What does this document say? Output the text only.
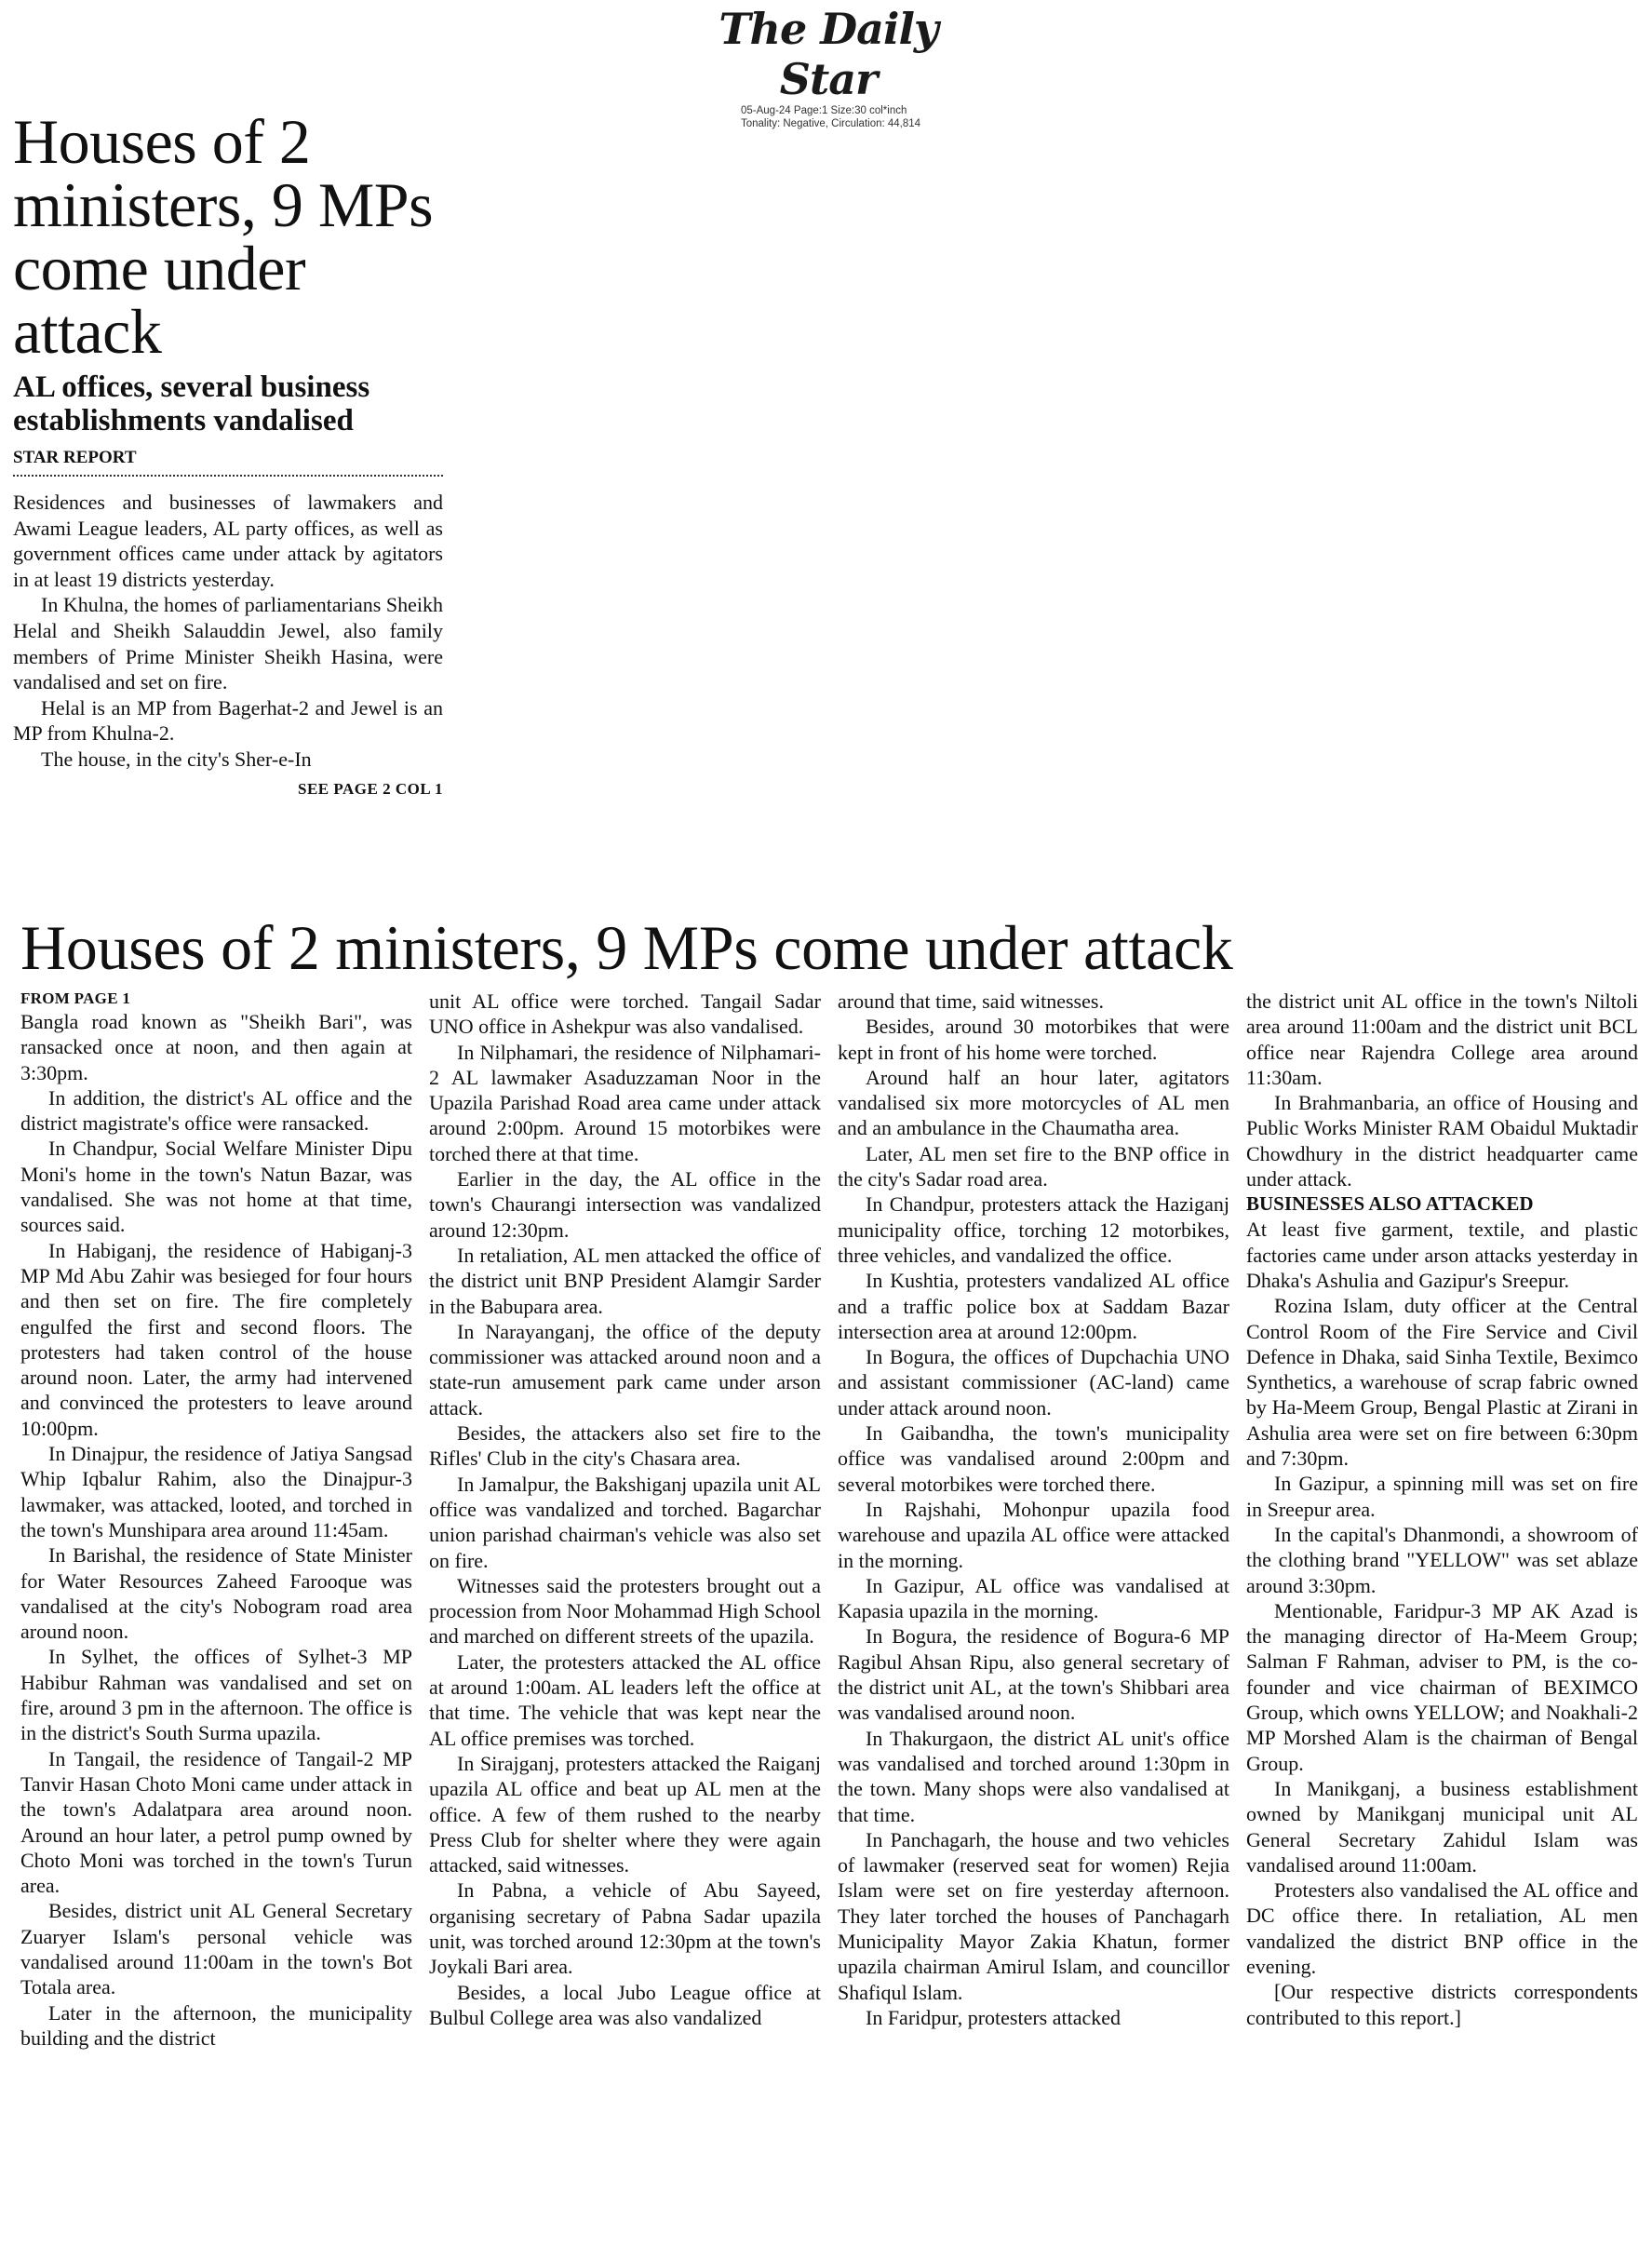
The Daily Star
05-Aug-24 Page:1 Size:30 col*inch
Tonality: Negative, Circulation: 44,814
Houses of 2 ministers, 9 MPs come under attack
AL offices, several business establishments vandalised
STAR REPORT

Residences and businesses of lawmakers and Awami League leaders, AL party offices, as well as government offices came under attack by agitators in at least 19 districts yesterday.

In Khulna, the homes of parliamentarians Sheikh Helal and Sheikh Salauddin Jewel, also family members of Prime Minister Sheikh Hasina, were vandalised and set on fire.

Helal is an MP from Bagerhat-2 and Jewel is an MP from Khulna-2.

The house, in the city's Sher-e-In

SEE PAGE 2 COL 1
Houses of 2 ministers, 9 MPs come under attack
FROM PAGE 1

Bangla road known as "Sheikh Bari", was ransacked once at noon, and then again at 3:30pm.

In addition, the district's AL office and the district magistrate's office were ransacked.

In Chandpur, Social Welfare Minister Dipu Moni's home in the town's Natun Bazar, was vandalised. She was not home at that time, sources said.

In Habiganj, the residence of Habiganj-3 MP Md Abu Zahir was besieged for four hours and then set on fire. The fire completely engulfed the first and second floors. The protesters had taken control of the house around noon. Later, the army had intervened and convinced the protesters to leave around 10:00pm.

In Dinajpur, the residence of Jatiya Sangsad Whip Iqbalur Rahim, also the Dinajpur-3 lawmaker, was attacked, looted, and torched in the town's Munshipara area around 11:45am.

In Barishal, the residence of State Minister for Water Resources Zaheed Farooque was vandalised at the city's Nobogram road area around noon.

In Sylhet, the offices of Sylhet-3 MP Habibur Rahman was vandalised and set on fire, around 3 pm in the afternoon. The office is in the district's South Surma upazila.

In Tangail, the residence of Tangail-2 MP Tanvir Hasan Choto Moni came under attack in the town's Adalatpara area around noon. Around an hour later, a petrol pump owned by Choto Moni was torched in the town's Turun area.

Besides, district unit AL General Secretary Zuaryer Islam's personal vehicle was vandalised around 11:00am in the town's Bot Totala area.

Later in the afternoon, the municipality building and the district

unit AL office were torched. Tangail Sadar UNO office in Ashekpur was also vandalised.

In Nilphamari, the residence of Nilphamari-2 AL lawmaker Asaduzzaman Noor in the Upazila Parishad Road area came under attack around 2:00pm. Around 15 motorbikes were torched there at that time.

Earlier in the day, the AL office in the town's Chaurangi intersection was vandalized around 12:30pm.

In retaliation, AL men attacked the office of the district unit BNP President Alamgir Sarder in the Babupara area.

In Narayanganj, the office of the deputy commissioner was attacked around noon and a state-run amusement park came under arson attack.

Besides, the attackers also set fire to the Rifles' Club in the city's Chasara area.

In Jamalpur, the Bakshiganj upazila unit AL office was vandalized and torched. Bagarchar union parishad chairman's vehicle was also set on fire.

Witnesses said the protesters brought out a procession from Noor Mohammad High School and marched on different streets of the upazila.

Later, the protesters attacked the AL office at around 1:00am. AL leaders left the office at that time. The vehicle that was kept near the AL office premises was torched.

In Sirajganj, protesters attacked the Raiganj upazila AL office and beat up AL men at the office. A few of them rushed to the nearby Press Club for shelter where they were again attacked, said witnesses.

In Pabna, a vehicle of Abu Sayeed, organising secretary of Pabna Sadar upazila unit, was torched around 12:30pm at the town's Joykali Bari area.

Besides, a local Jubo League office at Bulbul College area was also vandalized

around that time, said witnesses.

Besides, around 30 motorbikes that were kept in front of his home were torched.

Around half an hour later, agitators vandalised six more motorcycles of AL men and an ambulance in the Chaumatha area.

Later, AL men set fire to the BNP office in the city's Sadar road area.

In Chandpur, protesters attack the Haziganj municipality office, torching 12 motorbikes, three vehicles, and vandalized the office.

In Kushtia, protesters vandalized AL office and a traffic police box at Saddam Bazar intersection area at around 12:00pm.

In Bogura, the offices of Dupchachia UNO and assistant commissioner (AC-land) came under attack around noon.

In Gaibandha, the town's municipality office was vandalised around 2:00pm and several motorbikes were torched there.

In Rajshahi, Mohonpur upazila food warehouse and upazila AL office were attacked in the morning.

In Gazipur, AL office was vandalised at Kapasia upazila in the morning.

In Bogura, the residence of Bogura-6 MP Ragibul Ahsan Ripu, also general secretary of the district unit AL, at the town's Shibbari area was vandalised around noon.

In Thakurgaon, the district AL unit's office was vandalised and torched around 1:30pm in the town. Many shops were also vandalised at that time.

In Panchagarh, the house and two vehicles of lawmaker (reserved seat for women) Rejia Islam were set on fire yesterday afternoon. They later torched the houses of Panchagarh Municipality Mayor Zakia Khatun, former upazila chairman Amirul Islam, and councillor Shafiqul Islam.

In Faridpur, protesters attacked

the district unit AL office in the town's Niltoli area around 11:00am and the district unit BCL office near Rajendra College area around 11:30am.

In Brahmanbaria, an office of Housing and Public Works Minister RAM Obaidul Muktadir Chowdhury in the district headquarter came under attack.

BUSINESSES ALSO ATTACKED

At least five garment, textile, and plastic factories came under arson attacks yesterday in Dhaka's Ashulia and Gazipur's Sreepur.

Rozina Islam, duty officer at the Central Control Room of the Fire Service and Civil Defence in Dhaka, said Sinha Textile, Beximco Synthetics, a warehouse of scrap fabric owned by Ha-Meem Group, Bengal Plastic at Zirani in Ashulia area were set on fire between 6:30pm and 7:30pm.

In Gazipur, a spinning mill was set on fire in Sreepur area.

In the capital's Dhanmondi, a showroom of the clothing brand "YELLOW" was set ablaze around 3:30pm.

Mentionable, Faridpur-3 MP AK Azad is the managing director of Ha-Meem Group; Salman F Rahman, adviser to PM, is the co-founder and vice chairman of BEXIMCO Group, which owns YELLOW; and Noakhali-2 MP Morshed Alam is the chairman of Bengal Group.

In Manikganj, a business establishment owned by Manikganj municipal unit AL General Secretary Zahidul Islam was vandalised around 11:00am.

Protesters also vandalised the AL office and DC office there. In retaliation, AL men vandalized the district BNP office in the evening.

[Our respective districts correspondents contributed to this report.]
